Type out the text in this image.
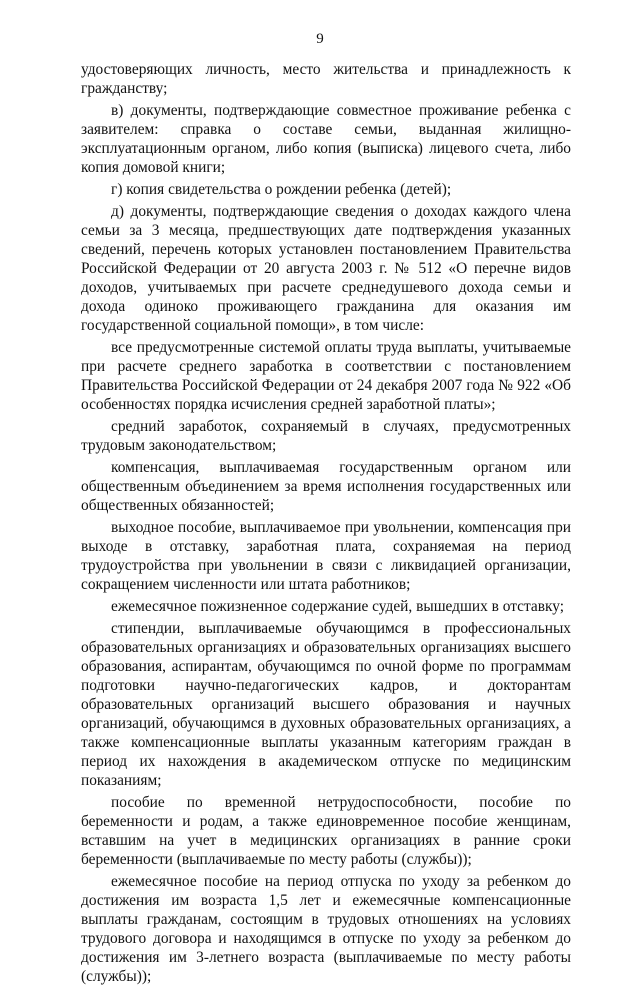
9

удостоверяющих личность, место жительства и принадлежность к гражданству;

в) документы, подтверждающие совместное проживание ребенка с заявителем: справка о составе семьи, выданная жилищно-эксплуатационным органом, либо копия (выписка) лицевого счета, либо копия домовой книги;

г) копия свидетельства о рождении ребенка (детей);

д) документы, подтверждающие сведения о доходах каждого члена семьи за 3 месяца, предшествующих дате подтверждения указанных сведений, перечень которых установлен постановлением Правительства Российской Федерации от 20 августа 2003 г. № 512 «О перечне видов доходов, учитываемых при расчете среднедушевого дохода семьи и дохода одиноко проживающего гражданина для оказания им государственной социальной помощи», в том числе:

все предусмотренные системой оплаты труда выплаты, учитываемые при расчете среднего заработка в соответствии с постановлением Правительства Российской Федерации от 24 декабря 2007 года № 922 «Об особенностях порядка исчисления средней заработной платы»;

средний заработок, сохраняемый в случаях, предусмотренных трудовым законодательством;

компенсация, выплачиваемая государственным органом или общественным объединением за время исполнения государственных или общественных обязанностей;

выходное пособие, выплачиваемое при увольнении, компенсация при выходе в отставку, заработная плата, сохраняемая на период трудоустройства при увольнении в связи с ликвидацией организации, сокращением численности или штата работников;

ежемесячное пожизненное содержание судей, вышедших в отставку;

стипендии, выплачиваемые обучающимся в профессиональных образовательных организациях и образовательных организациях высшего образования, аспирантам, обучающимся по очной форме по программам подготовки научно-педагогических кадров, и докторантам образовательных организаций высшего образования и научных организаций, обучающимся в духовных образовательных организациях, а также компенсационные выплаты указанным категориям граждан в период их нахождения в академическом отпуске по медицинским показаниям;

пособие по временной нетрудоспособности, пособие по беременности и родам, а также единовременное пособие женщинам, вставшим на учет в медицинских организациях в ранние сроки беременности (выплачиваемые по месту работы (службы));

ежемесячное пособие на период отпуска по уходу за ребенком до достижения им возраста 1,5 лет и ежемесячные компенсационные выплаты гражданам, состоящим в трудовых отношениях на условиях трудового договора и находящимся в отпуске по уходу за ребенком до достижения им 3-летнего возраста (выплачиваемые по месту работы (службы));
